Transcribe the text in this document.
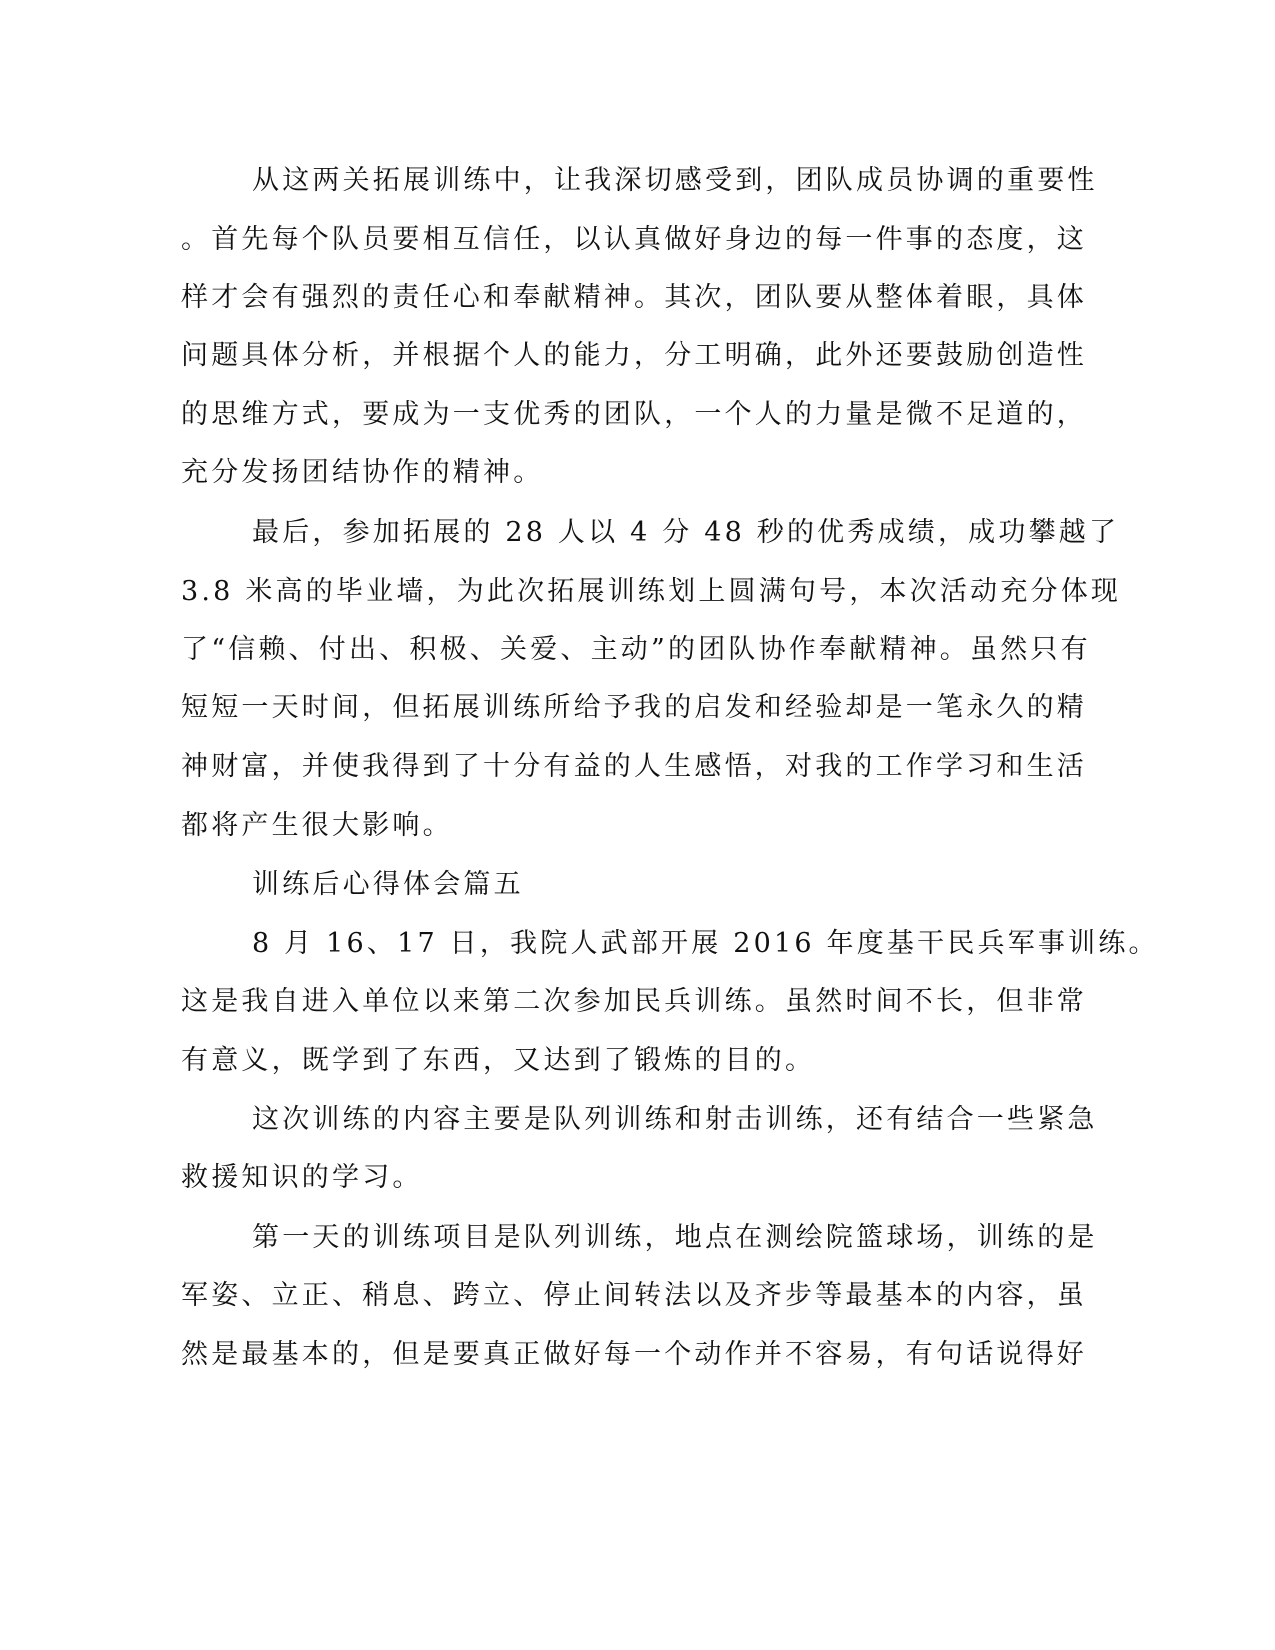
从这两关拓展训练中，让我深切感受到，团队成员协调的重要性
。首先每个队员要相互信任，以认真做好身边的每一件事的态度，这
样才会有强烈的责任心和奉献精神。其次，团队要从整体着眼，具体
问题具体分析，并根据个人的能力，分工明确，此外还要鼓励创造性
的思维方式，要成为一支优秀的团队，一个人的力量是微不足道的，
充分发扬团结协作的精神。
最后，参加拓展的 28 人以 4 分 48 秒的优秀成绩，成功攀越了
3.8 米高的毕业墙，为此次拓展训练划上圆满句号，本次活动充分体现
了“信赖、付出、积极、关爱、主动”的团队协作奉献精神。虽然只有
短短一天时间，但拓展训练所给予我的启发和经验却是一笔永久的精
神财富，并使我得到了十分有益的人生感悟，对我的工作学习和生活
都将产生很大影响。
训练后心得体会篇五
8 月 16、17 日，我院人武部开展 2016 年度基干民兵军事训练。
这是我自进入单位以来第二次参加民兵训练。虽然时间不长，但非常
有意义，既学到了东西，又达到了锻炼的目的。
这次训练的内容主要是队列训练和射击训练，还有结合一些紧急
救援知识的学习。
第一天的训练项目是队列训练，地点在测绘院篮球场，训练的是
军姿、立正、稍息、跨立、停止间转法以及齐步等最基本的内容，虽
然是最基本的，但是要真正做好每一个动作并不容易，有句话说得好
